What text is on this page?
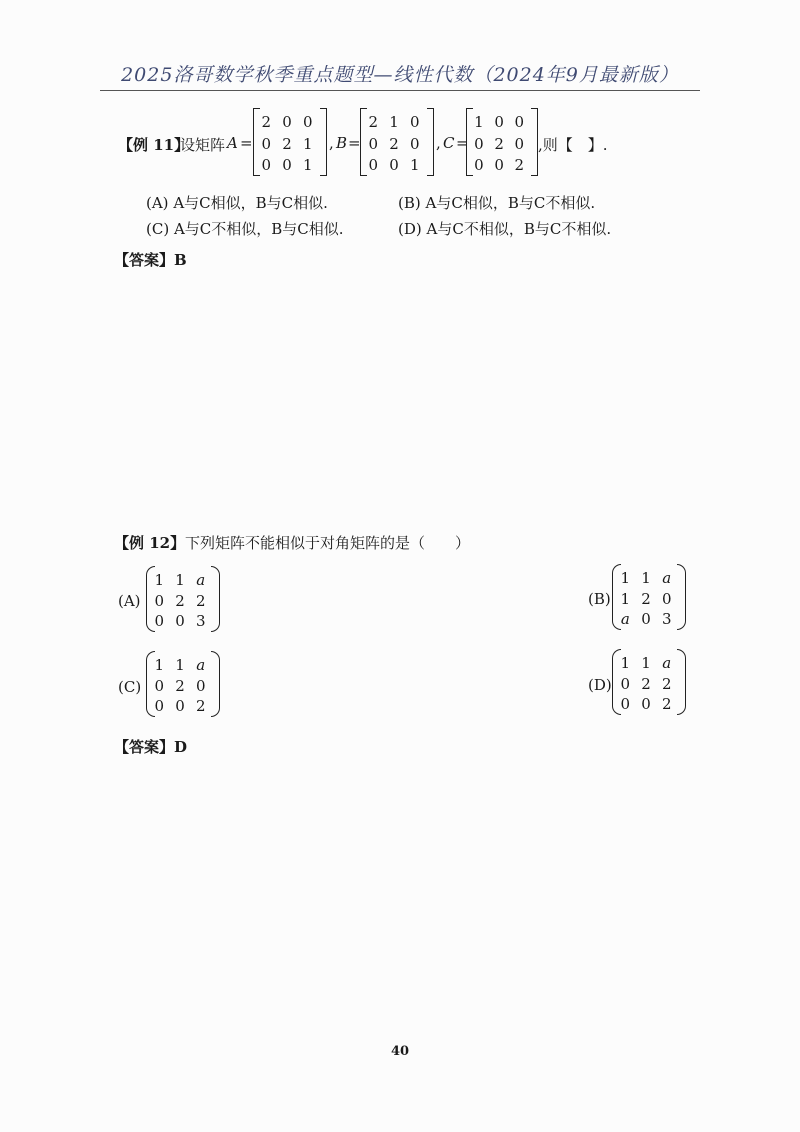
2025洛哥数学秋季重点题型—线性代数（2024年9月最新版）
【例 11】
设矩阵 A =
2 0 0
0 2 1
0 0 1
, B =
2 1 0
0 2 0
0 0 1
, C =
1 0 0
0 2 0
0 0 2
,则【　】.
(A) A与C相似，B与C相似.	(B) A与C相似，B与C不相似.
(C) A与C不相似，B与C相似.	(D) A与C不相似，B与C不相似.
【答案】B
【例 12】 下列矩阵不能相似于对角矩阵的是（　　）
(A)
1 1 a
0 2 2
0 0 3
(B)
1 1 a
1 2 0
a 0 3
(C)
1 1 a
0 2 0
0 0 2
(D)
1 1 a
0 2 2
0 0 2
【答案】D
40
